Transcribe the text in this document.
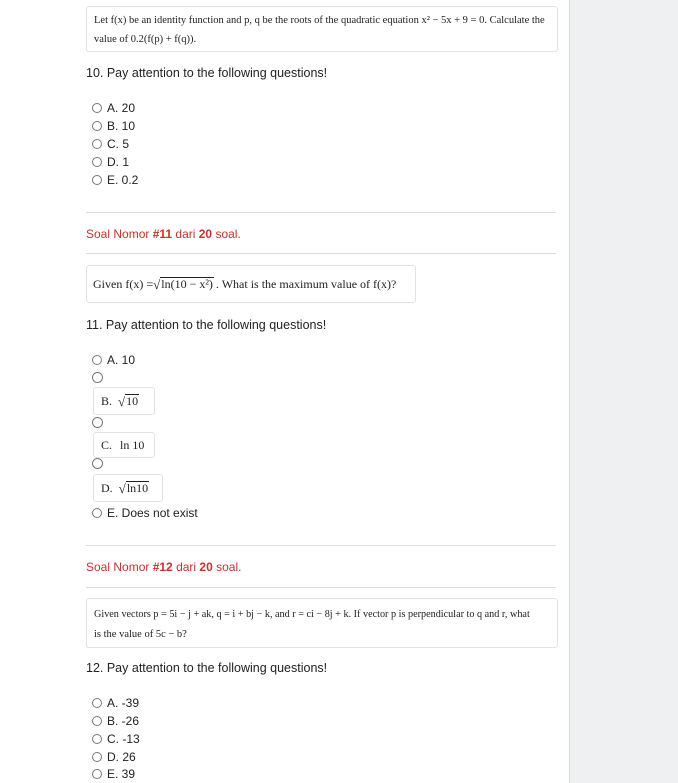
Let f(x) be an identity function and p, q be the roots of the quadratic equation x² − 5x + 9 = 0. Calculate the
value of 0.2(f(p) + f(q)).
10. Pay attention to the following questions!
A. 20
B. 10
C. 5
D. 1
E. 0.2
Soal Nomor #11 dari 20 soal.
Given f(x) = √ ln(10 − x²) . What is the maximum value of f(x)?
11. Pay attention to the following questions!
A. 10
B. √ 10
C. ln 10
D. √ ln10
E. Does not exist
Soal Nomor #12 dari 20 soal.
Given vectors p = 5i − j + ak, q = i + bj − k, and r = ci − 8j + k. If vector p is perpendicular to q and r, what
is the value of 5c − b?
12. Pay attention to the following questions!
A. -39
B. -26
C. -13
D. 26
E. 39
